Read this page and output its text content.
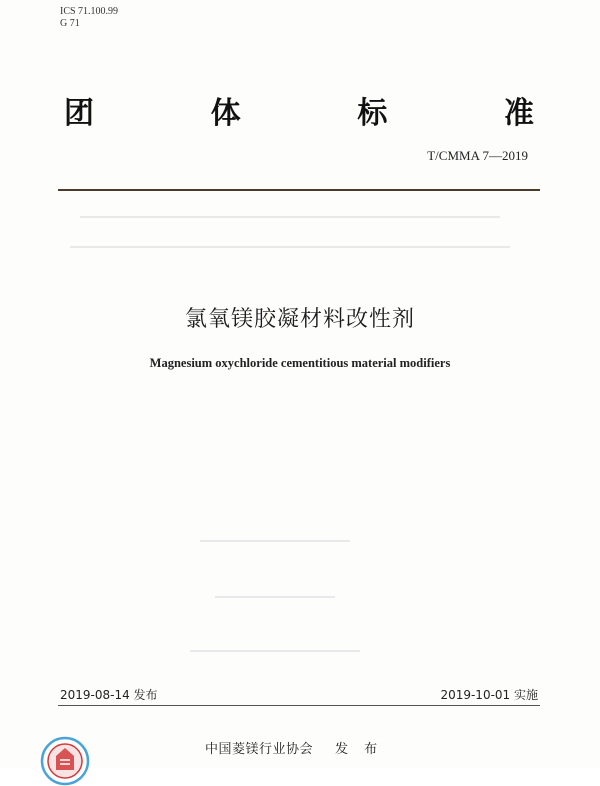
ICS 71.100.99
G 71
团	体	标	准
T/CMMA 7—2019
氯氧镁胶凝材料改性剂
Magnesium oxychloride cementitious material modifiers
2019-08-14 发布	2019-10-01 实施
中国菱镁行业协会 发 布
